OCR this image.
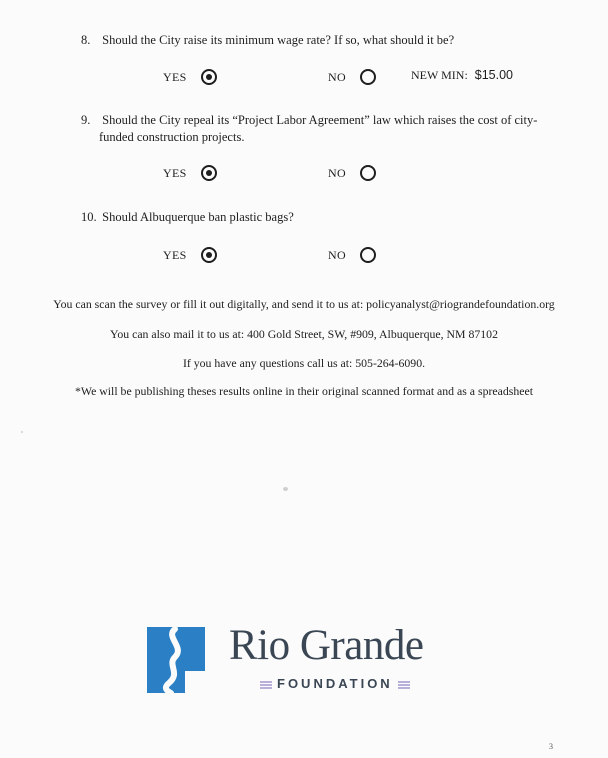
8. Should the City raise its minimum wage rate? If so, what should it be?
YES	NO	NEW MIN: $15.00
9. Should the City repeal its “Project Labor Agreement” law which raises the cost of city-
funded construction projects.
YES	NO
10. Should Albuquerque ban plastic bags?
YES	NO
You can scan the survey or fill it out digitally, and send it to us at: policyanalyst@riograndefoundation.org
You can also mail it to us at: 400 Gold Street, SW, #909, Albuquerque, NM 87102
If you have any questions call us at: 505-264-6090.
*We will be publishing theses results online in their original scanned format and as a spreadsheet
Rio Grande
FOUNDATION
3
